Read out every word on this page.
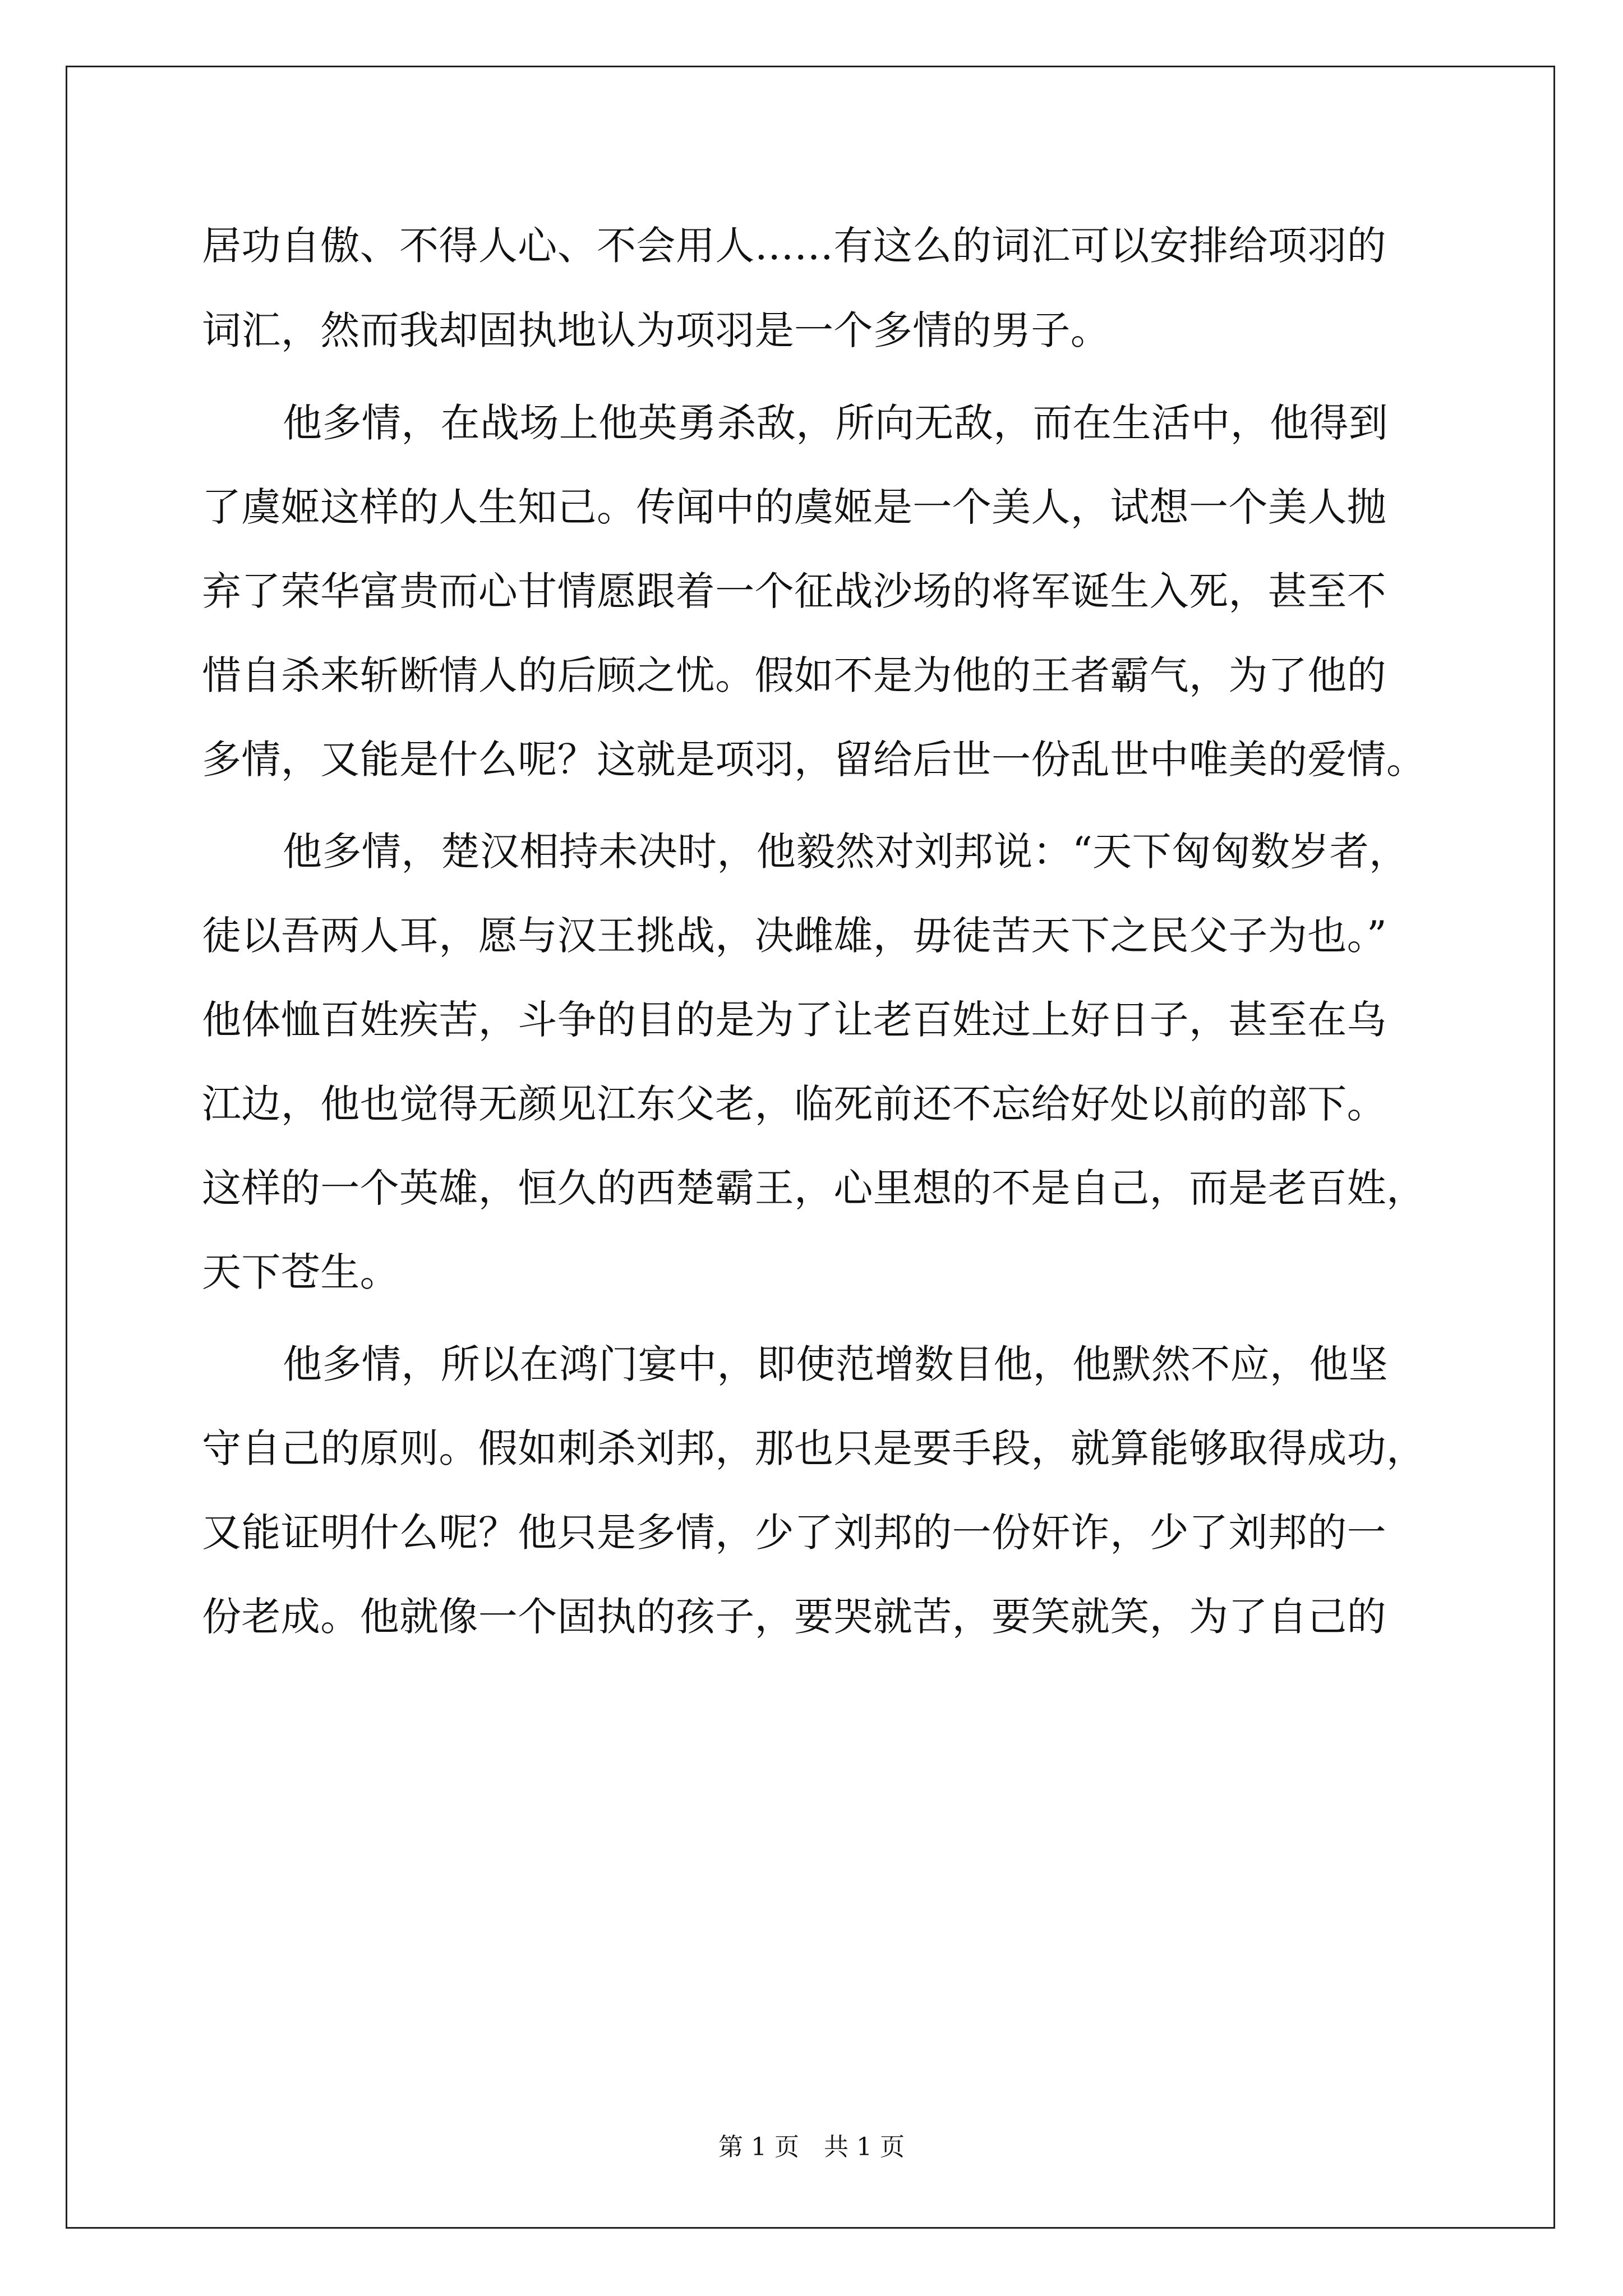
居功自傲、不得人心、不会用人……有这么的词汇可以安排给项羽的
词汇，然而我却固执地认为项羽是一个多情的男子。
他多情，在战场上他英勇杀敌，所向无敌，而在生活中，他得到
了虞姬这样的人生知己。传闻中的虞姬是一个美人，试想一个美人抛
弃了荣华富贵而心甘情愿跟着一个征战沙场的将军诞生入死，甚至不
惜自杀来斩断情人的后顾之忧。假如不是为他的王者霸气，为了他的
多情，又能是什么呢？这就是项羽，留给后世一份乱世中唯美的爱情。
他多情，楚汉相持未决时，他毅然对刘邦说：“天下匈匈数岁者，
徒以吾两人耳，愿与汉王挑战，决雌雄，毋徒苦天下之民父子为也。”
他体恤百姓疾苦，斗争的目的是为了让老百姓过上好日子，甚至在乌
江边，他也觉得无颜见江东父老，临死前还不忘给好处以前的部下。
这样的一个英雄，恒久的西楚霸王，心里想的不是自己，而是老百姓，
天下苍生。
他多情，所以在鸿门宴中，即使范增数目他，他默然不应，他坚
守自己的原则。假如刺杀刘邦，那也只是要手段，就算能够取得成功，
又能证明什么呢？他只是多情，少了刘邦的一份奸诈，少了刘邦的一
份老成。他就像一个固执的孩子，要哭就苦，要笑就笑，为了自己的
第 1 页　共 1 页
